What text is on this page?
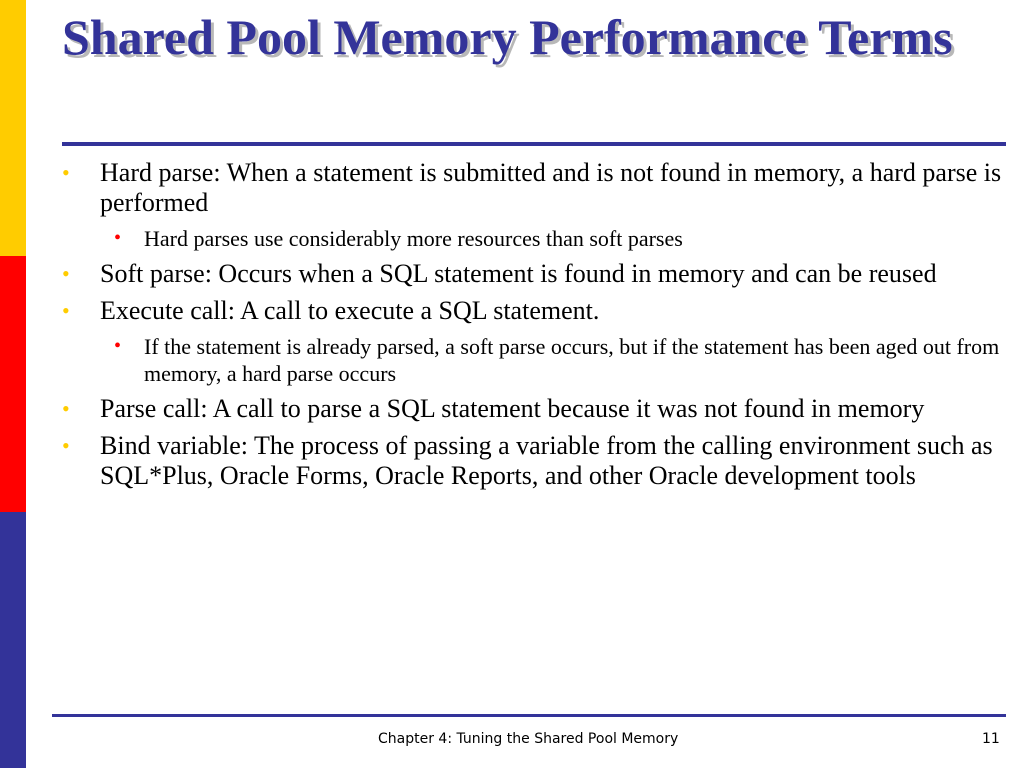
Shared Pool Memory Performance Terms
•	Hard parse: When a statement is submitted and is not found in memory, a hard parse is performed
• Hard parses use considerably more resources than soft parses
•	Soft parse: Occurs when a SQL statement is found in memory and can be reused
•	Execute call: A call to execute a SQL statement.
• If the statement is already parsed, a soft parse occurs, but if the statement has been aged out from memory, a hard parse occurs
•	Parse call: A call to parse a SQL statement because it was not found in memory
•	Bind variable: The process of passing a variable from the calling environment such as SQL*Plus, Oracle Forms, Oracle Reports, and other Oracle development tools
Chapter 4: Tuning the Shared Pool Memory	11
